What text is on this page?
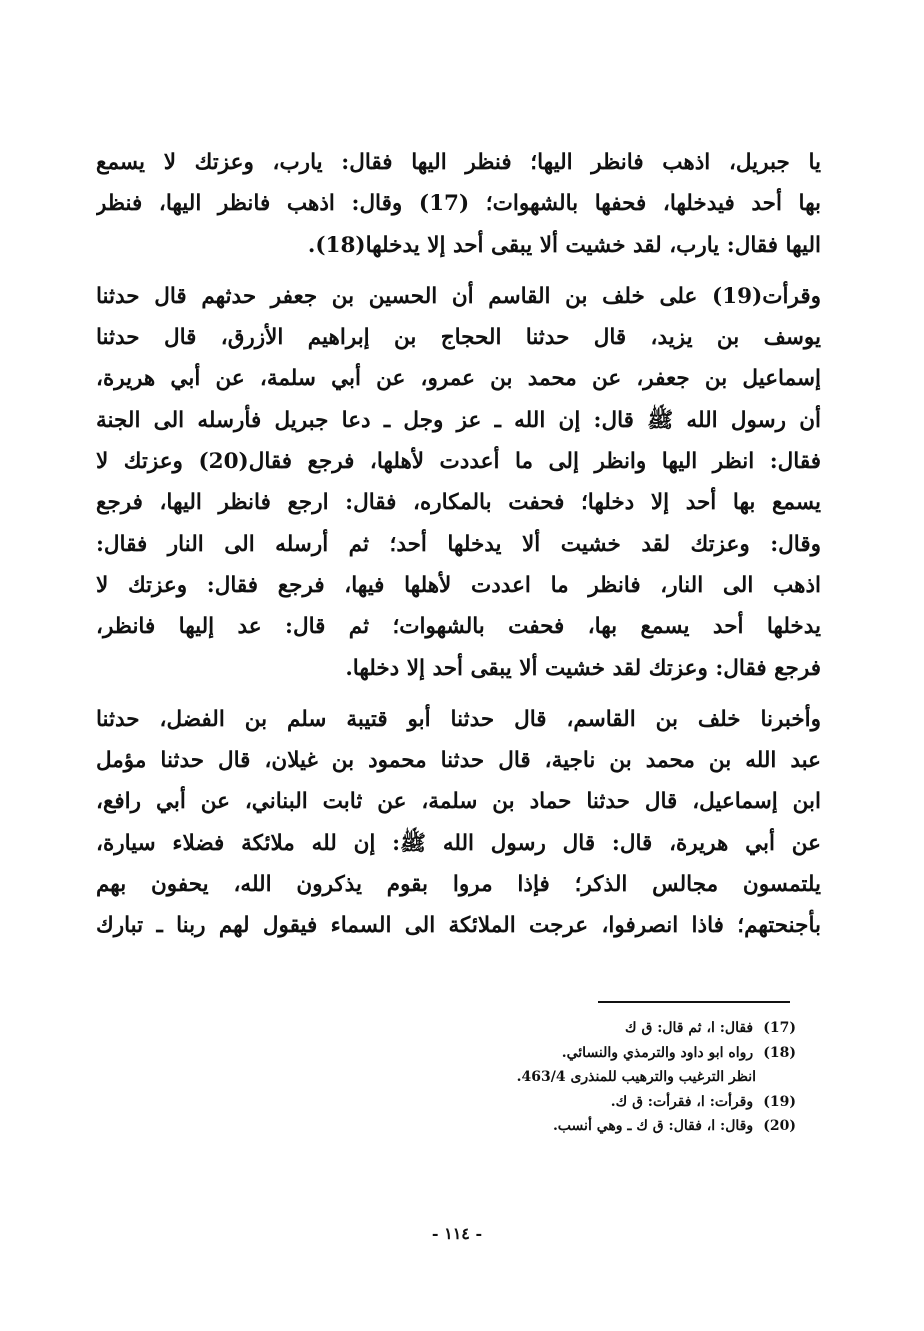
يا جبريل، اذهب فانظر اليها؛ فنظر اليها فقال: يارب، وعزتك لا يسمع
بها أحد فيدخلها، فحفها بالشهوات؛ (17) وقال: اذهب فانظر اليها، فنظر
اليها فقال: يارب، لقد خشيت ألا يبقى أحد إلا يدخلها(18).
وقرأت(19) على خلف بن القاسم أن الحسين بن جعفر حدثهم قال حدثنا
يوسف بن يزيد، قال حدثنا الحجاج بن إبراهيم الأزرق، قال حدثنا
إسماعيل بن جعفر، عن محمد بن عمرو، عن أبي سلمة، عن أبي هريرة،
أن رسول الله ﷺ قال: إن الله ـ عز وجل ـ دعا جبريل فأرسله الى الجنة
فقال: انظر اليها وانظر إلى ما أعددت لأهلها، فرجع فقال(20) وعزتك لا
يسمع بها أحد إلا دخلها؛ فحفت بالمكاره، فقال: ارجع فانظر اليها، فرجع
وقال: وعزتك لقد خشيت ألا يدخلها أحد؛ ثم أرسله الى النار فقال:
اذهب الى النار، فانظر ما اعددت لأهلها فيها، فرجع فقال: وعزتك لا
يدخلها أحد يسمع بها، فحفت بالشهوات؛ ثم قال: عد إليها فانظر،
فرجع فقال: وعزتك لقد خشيت ألا يبقى أحد إلا دخلها.
وأخبرنا خلف بن القاسم، قال حدثنا أبو قتيبة سلم بن الفضل، حدثنا
عبد الله بن محمد بن ناجية، قال حدثنا محمود بن غيلان، قال حدثنا مؤمل
ابن إسماعيل، قال حدثنا حماد بن سلمة، عن ثابت البناني، عن أبي رافع،
عن أبي هريرة، قال: قال رسول الله ﷺ: إن لله ملائكة فضلاء سيارة،
يلتمسون مجالس الذكر؛ فإذا مروا بقوم يذكرون الله، يحفون بهم
بأجنحتهم؛ فاذا انصرفوا، عرجت الملائكة الى السماء فيقول لهم ربنا ـ تبارك
(17) فقال: ا، ثم قال: ق ك
(18) رواه ابو داود والترمذي والنسائي.
انظر الترغيب والترهيب للمنذرى 463/4.
(19) وقرأت: ا، فقرأت: ق ك.
(20) وقال: ا، فقال: ق ك ـ وهي أنسب.
- ١١٤ -
